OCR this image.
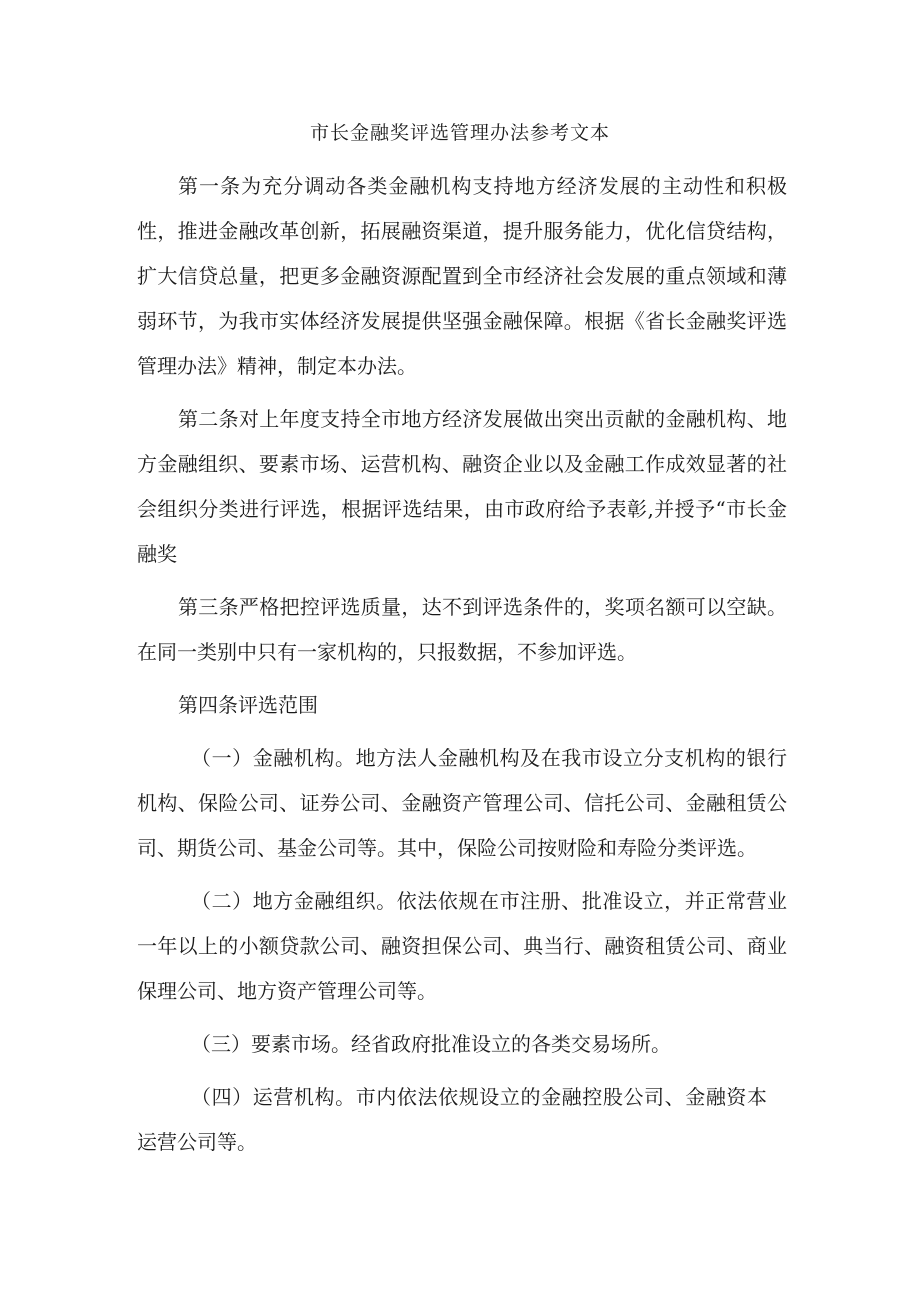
市长金融奖评选管理办法参考文本

第一条为充分调动各类金融机构支持地方经济发展的主动性和积极性，推进金融改革创新，拓展融资渠道，提升服务能力，优化信贷结构，扩大信贷总量，把更多金融资源配置到全市经济社会发展的重点领域和薄弱环节，为我市实体经济发展提供坚强金融保障。根据《省长金融奖评选管理办法》精神，制定本办法。

第二条对上年度支持全市地方经济发展做出突出贡献的金融机构、地方金融组织、要素市场、运营机构、融资企业以及金融工作成效显著的社会组织分类进行评选，根据评选结果，由市政府给予表彰,并授予“市长金融奖

第三条严格把控评选质量，达不到评选条件的，奖项名额可以空缺。在同一类别中只有一家机构的，只报数据，不参加评选。

第四条评选范围

（一）金融机构。地方法人金融机构及在我市设立分支机构的银行机构、保险公司、证券公司、金融资产管理公司、信托公司、金融租赁公司、期货公司、基金公司等。其中，保险公司按财险和寿险分类评选。

（二）地方金融组织。依法依规在市注册、批准设立，并正常营业一年以上的小额贷款公司、融资担保公司、典当行、融资租赁公司、商业保理公司、地方资产管理公司等。

（三）要素市场。经省政府批准设立的各类交易场所。

（四）运营机构。市内依法依规设立的金融控股公司、金融资本运营公司等。
